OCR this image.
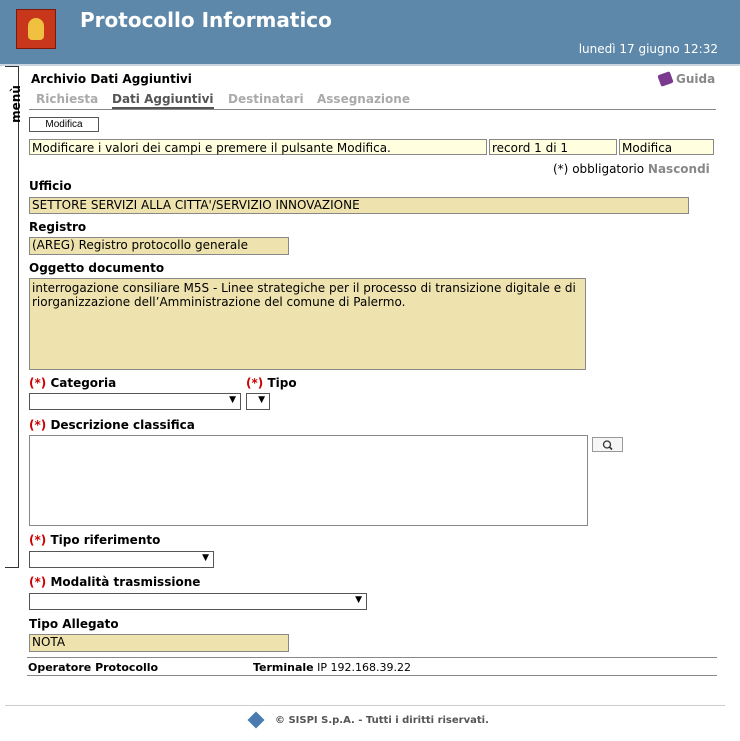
Protocollo Informatico
lunedì 17 giugno 12:32
menù
Archivio Dati Aggiuntivi	Guida
Richiesta Dati Aggiuntivi Destinatari Assegnazione
Modifica
Modificare i valori dei campi e premere il pulsante Modifica.	record 1 di 1	Modifica
(*) obbligatorio Nascondi
Ufficio
SETTORE SERVIZI ALLA CITTA'/SERVIZIO INNOVAZIONE
Registro
(AREG) Registro protocollo generale
Oggetto documento
interrogazione consiliare M5S - Linee strategiche per il processo di transizione digitale e di riorganizzazione dell’Amministrazione del comune di Palermo.
(*) Categoria
▼
(*) Tipo
▼
(*) Descrizione classifica
(*) Tipo riferimento
▼
(*) Modalità trasmissione
▼
Tipo Allegato
NOTA
Operatore Protocollo	Terminale IP 192.168.39.22
© SISPI S.p.A. - Tutti i diritti riservati.
